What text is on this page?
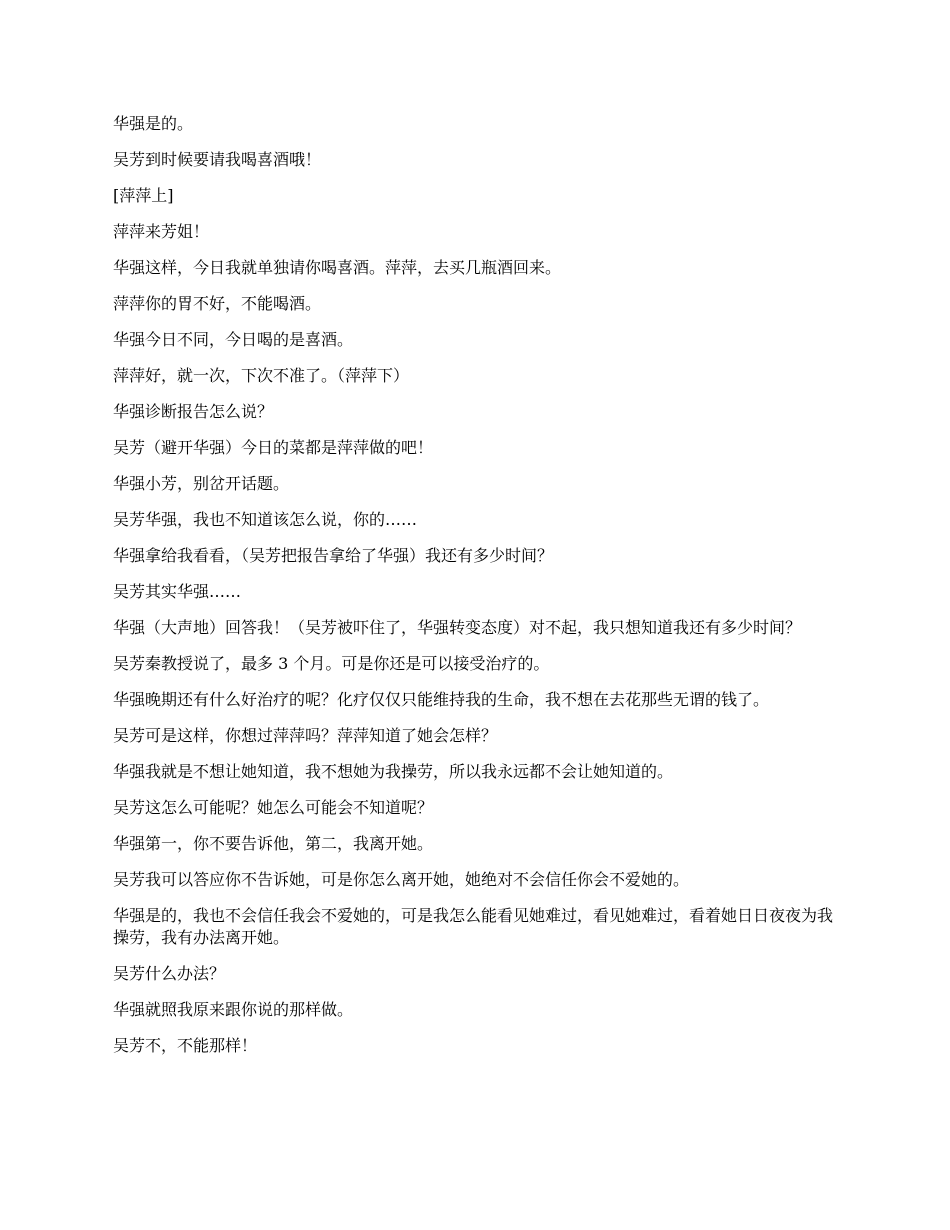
华强是的。

吴芳到时候要请我喝喜酒哦！

[萍萍上]

萍萍来芳姐！

华强这样，今日我就单独请你喝喜酒。萍萍，去买几瓶酒回来。

萍萍你的胃不好，不能喝酒。

华强今日不同，今日喝的是喜酒。

萍萍好，就一次，下次不准了。（萍萍下）

华强诊断报告怎么说？

吴芳（避开华强）今日的菜都是萍萍做的吧！

华强小芳，别岔开话题。

吴芳华强，我也不知道该怎么说，你的……

华强拿给我看看，（吴芳把报告拿给了华强）我还有多少时间？

吴芳其实华强……

华强（大声地）回答我！（吴芳被吓住了，华强转变态度）对不起，我只想知道我还有多少时间？

吴芳秦教授说了，最多 3 个月。可是你还是可以接受治疗的。

华强晚期还有什么好治疗的呢？化疗仅仅只能维持我的生命，我不想在去花那些无谓的钱了。

吴芳可是这样，你想过萍萍吗？萍萍知道了她会怎样？

华强我就是不想让她知道，我不想她为我操劳，所以我永远都不会让她知道的。

吴芳这怎么可能呢？她怎么可能会不知道呢？

华强第一，你不要告诉他，第二，我离开她。

吴芳我可以答应你不告诉她，可是你怎么离开她，她绝对不会信任你会不爱她的。

华强是的，我也不会信任我会不爱她的，可是我怎么能看见她难过，看见她难过，看着她日日夜夜为我操劳，我有办法离开她。

吴芳什么办法？

华强就照我原来跟你说的那样做。

吴芳不，不能那样！
